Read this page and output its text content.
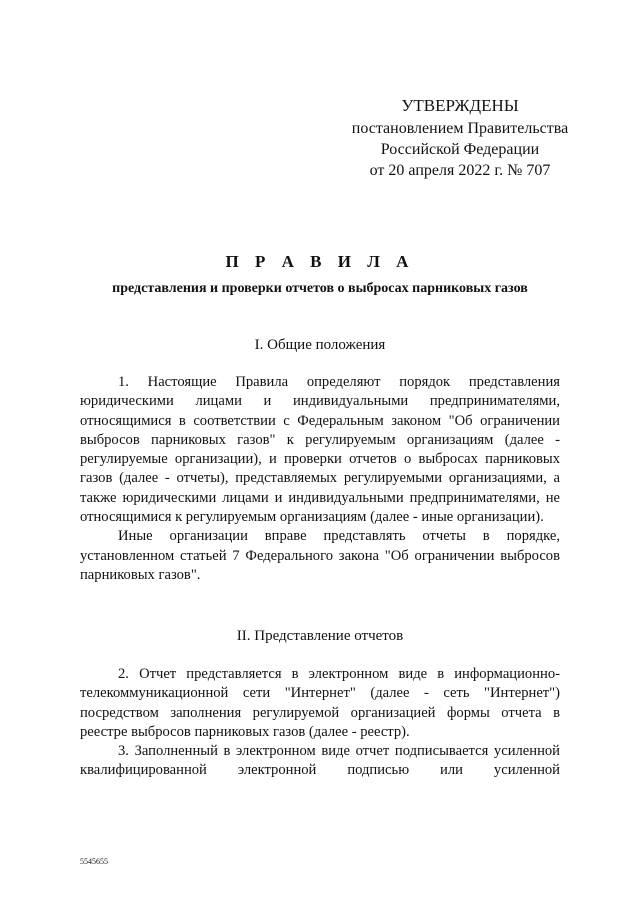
УТВЕРЖДЕНЫ
постановлением Правительства
Российской Федерации
от 20 апреля 2022 г. № 707
П Р А В И Л А
представления и проверки отчетов о выбросах парниковых газов
I. Общие положения

1. Настоящие Правила определяют порядок представления юридическими лицами и индивидуальными предпринимателями, относящимися в соответствии с Федеральным законом "Об ограничении выбросов парниковых газов" к регулируемым организациям (далее - регулируемые организации), и проверки отчетов о выбросах парниковых газов (далее - отчеты), представляемых регулируемыми организациями, а также юридическими лицами и индивидуальными предпринимателями, не относящимися к регулируемым организациям (далее - иные организации).

Иные организации вправе представлять отчеты в порядке, установленном статьей 7 Федерального закона "Об ограничении выбросов парниковых газов".

II. Представление отчетов

2. Отчет представляется в электронном виде в информационно-телекоммуникационной сети "Интернет" (далее - сеть "Интернет") посредством заполнения регулируемой организацией формы отчета в реестре выбросов парниковых газов (далее - реестр).

3. Заполненный в электронном виде отчет подписывается усиленной квалифицированной электронной подписью или усиленной

5545655
